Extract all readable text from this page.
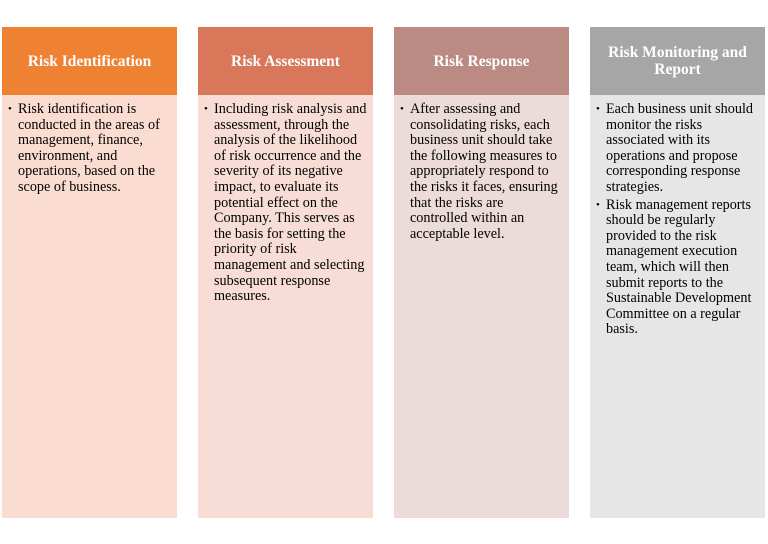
Risk Identification
• Risk identification is conducted in the areas of management, finance, environment, and operations, based on the scope of business.
Risk Assessment
• Including risk analysis and assessment, through the analysis of the likelihood of risk occurrence and the severity of its negative impact, to evaluate its potential effect on the Company. This serves as the basis for setting the priority of risk management and selecting subsequent response measures.
Risk Response
• After assessing and consolidating risks, each business unit should take the following measures to appropriately respond to the risks it faces, ensuring that the risks are controlled within an acceptable level.
Risk Monitoring and Report
• Each business unit should monitor the risks associated with its operations and propose corresponding response strategies.
• Risk management reports should be regularly provided to the risk management execution team, which will then submit reports to the Sustainable Development Committee on a regular basis.
